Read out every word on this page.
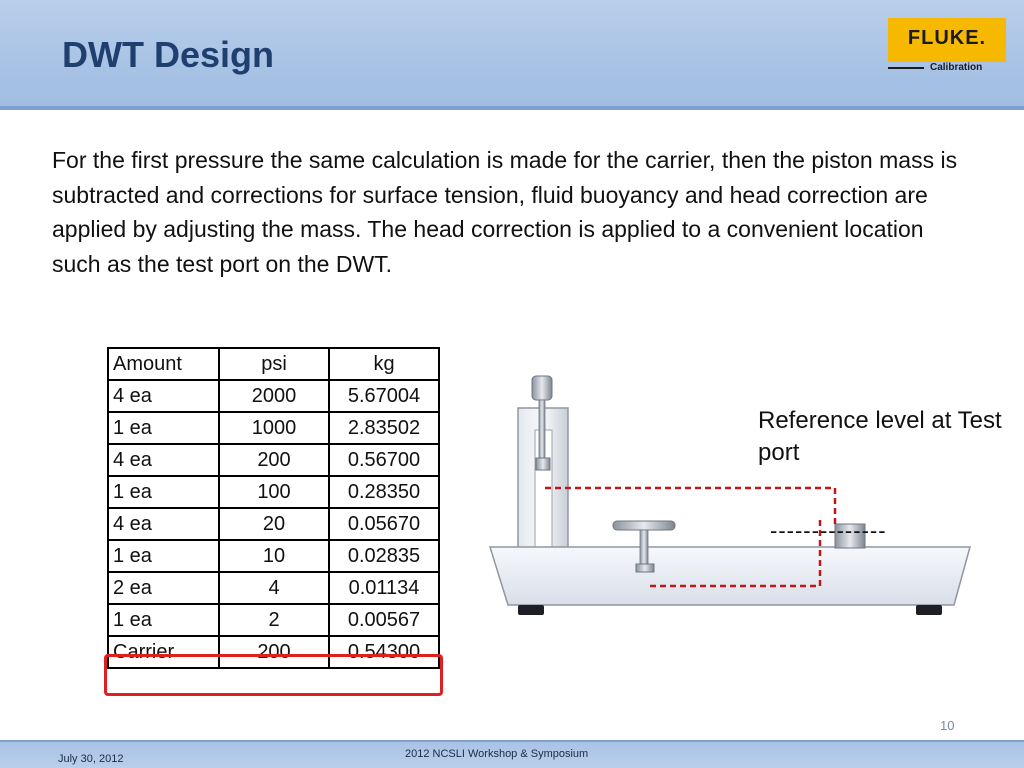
DWT Design	FLUKE.
Calibration
For the first pressure the same calculation is made for the carrier, then the piston mass is subtracted and corrections for surface tension, fluid buoyancy and head correction are applied by adjusting the mass. The head correction is applied to a convenient location such as the test port on the DWT.
Amount	psi	kg
4 ea	2000	5.67004
1 ea	1000	2.83502
4 ea	200	0.56700
1 ea	100	0.28350
4 ea	20	0.05670
1 ea	10	0.02835
2 ea	4	0.01134
1 ea	2	0.00567
Carrier	200	0.54300
Reference level at Test port
--------------
10
July 30, 2012	2012 NCSLI Workshop & Symposium
